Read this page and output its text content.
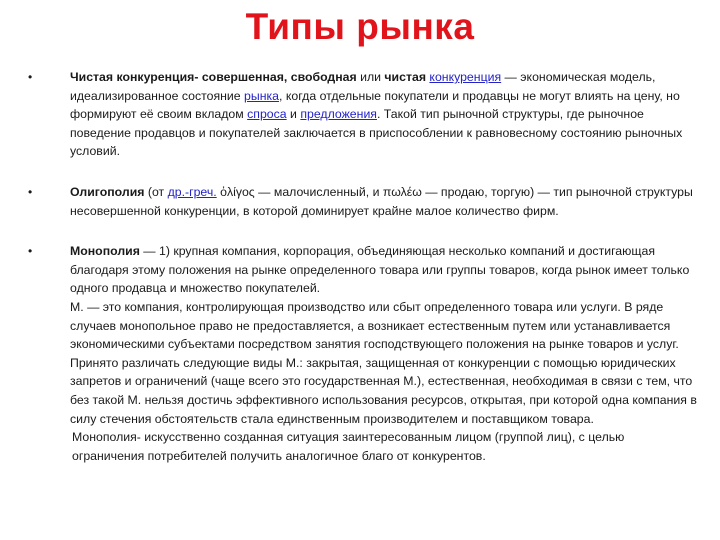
Типы рынка
•	Чистая конкуренция- совершенная, свободная или чистая конкуренция — экономическая модель, идеализированное состояние рынка, когда отдельные покупатели и продавцы не могут влиять на цену, но формируют её своим вкладом спроса и предложения. Такой тип рыночной структуры, где рыночное поведение продавцов и покупателей заключается в приспособлении к равновесному состоянию рыночных условий.

•	Олигополия (от др.-греч. ὀλίγος — малочисленный, и πωλέω — продаю, торгую) — тип рыночной структуры несовершенной конкуренции, в которой доминирует крайне малое количество фирм.

•	Монополия — 1) крупная компания, корпорация, объединяющая несколько компаний и достигающая благодаря этому положения на рынке определенного товара или группы товаров, когда рынок имеет только одного продавца и множество покупателей.

М. — это компания, контролирующая производство или сбыт определенного товара или услуги. В ряде случаев монопольное право не предоставляется, а возникает естественным путем или устанавливается экономическими субъектами посредством занятия господствующего положения на рынке товаров и услуг. Принято различать следующие виды М.: закрытая, защищенная от конкуренции с помощью юридических запретов и ограничений (чаще всего это государственная М.), естественная, необходимая в связи с тем, что без такой М. нельзя достичь эффективного использования ресурсов, открытая, при которой одна компания в силу стечения обстоятельств стала единственным производителем и поставщиком товара.

Монополия- искусственно созданная ситуация заинтересованным лицом (группой лиц), с целью ограничения потребителей получить аналогичное благо от конкурентов.
